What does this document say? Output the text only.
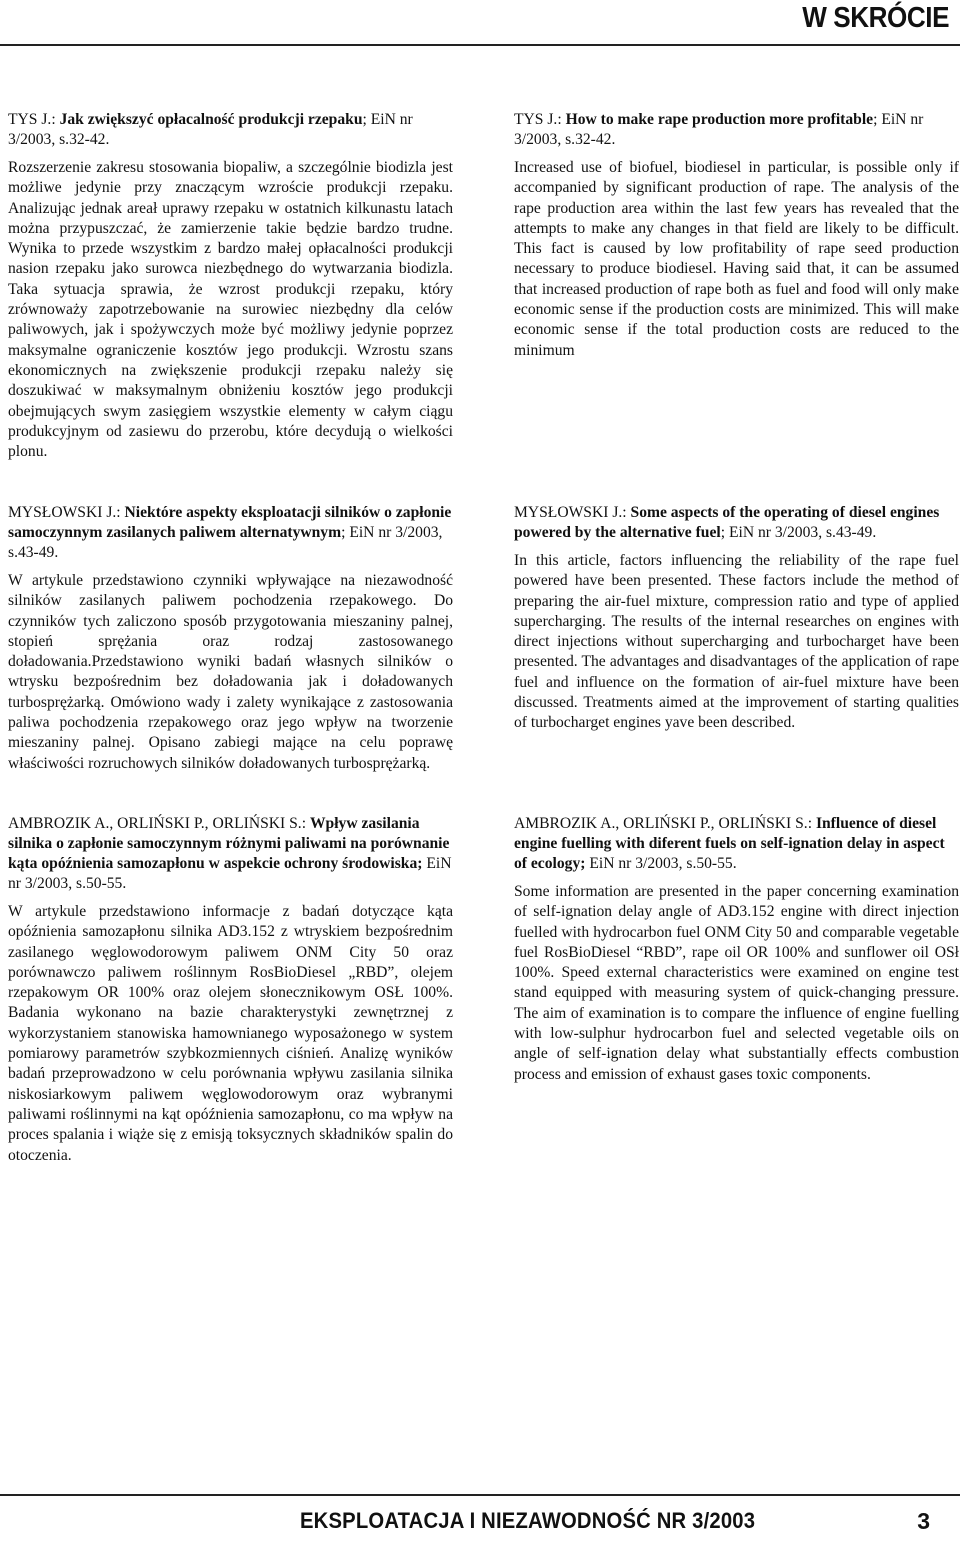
W SKRÓCIE

TYS J.: Jak zwiększyć opłacalność produkcji rzepaku; EiN nr 3/2003, s.32-42.

Rozszerzenie zakresu stosowania biopaliw, a szczególnie biodizla jest możliwe jedynie przy znaczącym wzroście produkcji rzepaku. Analizując jednak areał uprawy rzepaku w ostatnich kilkunastu latach można przypuszczać, że zamierzenie takie będzie bardzo trudne. Wynika to przede wszystkim z bardzo małej opłacalności produkcji nasion rzepaku jako surowca niezbędnego do wytwarzania biodizla. Taka sytuacja sprawia, że wzrost produkcji rzepaku, który zrównoważy zapotrzebowanie na surowiec niezbędny dla celów paliwowych, jak i spożywczych może być możliwy jedynie poprzez maksymalne ograniczenie kosztów jego produkcji. Wzrostu szans ekonomicznych na zwiększenie produkcji rzepaku należy się doszukiwać w maksymalnym obniżeniu kosztów jego produkcji obejmujących swym zasięgiem wszystkie elementy w całym ciągu produkcyjnym od zasiewu do przerobu, które decydują o wielkości plonu.

MYSŁOWSKI J.: Niektóre aspekty eksploatacji silników o zapłonie samoczynnym zasilanych paliwem alternatywnym; EiN nr 3/2003, s.43-49.

W artykule przedstawiono czynniki wpływające na niezawodność silników zasilanych paliwem pochodzenia rzepakowego. Do czynników tych zaliczono sposób przygotowania mieszaniny palnej, stopień sprężania oraz rodzaj zastosowanego doładowania.Przedstawiono wyniki badań własnych silników o wtrysku bezpośrednim bez doładowania jak i doładowanych turbosprężarką. Omówiono wady i zalety wynikające z zastosowania paliwa pochodzenia rzepakowego oraz jego wpływ na tworzenie mieszaniny palnej. Opisano zabiegi mające na celu poprawę właściwości rozruchowych silników doładowanych turbosprężarką.

AMBROZIK A., ORLIŃSKI P., ORLIŃSKI S.: Wpływ zasilania silnika o zapłonie samoczynnym różnymi paliwami na porównanie kąta opóźnienia samozapłonu w aspekcie ochrony środowiska; EiN nr 3/2003, s.50-55.

W artykule przedstawiono informacje z badań dotyczące kąta opóźnienia samozapłonu silnika AD3.152 z wtryskiem bezpośrednim zasilanego węglowodorowym paliwem ONM City 50 oraz porównawczo paliwem roślinnym RosBioDiesel „RBD”, olejem rzepakowym OR 100% oraz olejem słonecznikowym OSŁ 100%. Badania wykonano na bazie charakterystyki zewnętrznej z wykorzystaniem stanowiska hamownianego wyposażonego w system pomiarowy parametrów szybkozmiennych ciśnień. Analizę wyników badań przeprowadzono w celu porównania wpływu zasilania silnika niskosiarkowym paliwem węglowodorowym oraz wybranymi paliwami roślinnymi na kąt opóźnienia samozapłonu, co ma wpływ na proces spalania i wiąże się z emisją toksycznych składników spalin do otoczenia.

TYS J.: How to make rape production more profitable; EiN nr 3/2003, s.32-42.

Increased use of biofuel, biodiesel in particular, is possible only if accompanied by significant production of rape. The analysis of the rape production area within the last few years has revealed that the attempts to make any changes in that field are likely to be difficult. This fact is caused by low profitability of rape seed production necessary to produce biodiesel. Having said that, it can be assumed that increased production of rape both as fuel and food will only make economic sense if the production costs are minimized. This will make economic sense if the total production costs are reduced to the minimum

MYSŁOWSKI J.: Some aspects of the operating of diesel engines powered by the alternative fuel; EiN nr 3/2003, s.43-49.

In this article, factors influencing the reliability of the rape fuel powered have been presented. These factors include the method of preparing the air-fuel mixture, compression ratio and type of applied supercharging. The results of the internal researches on engines with direct injections without supercharging and turbocharget have been presented. The advantages and disadvantages of the application of rape fuel and influence on the formation of air-fuel mixture have been discussed. Treatments aimed at the improvement of starting qualities of turbocharget engines yave been described.

AMBROZIK A., ORLIŃSKI P., ORLIŃSKI S.: Influence of diesel engine fuelling with diferent fuels on self-ignation delay in aspect of ecology; EiN nr 3/2003, s.50-55.

Some information are presented in the paper concerning examination of self-ignation delay angle of AD3.152 engine with direct injection fuelled with hydrocarbon fuel ONM City 50 and comparable vegetable fuel RosBioDiesel “RBD”, rape oil OR 100% and sunflower oil OSł 100%. Speed external characteristics were examined on engine test stand equipped with measuring system of quick-changing pressure. The aim of examination is to compare the influence of engine fuelling with low-sulphur hydrocarbon fuel and selected vegetable oils on angle of self-ignation delay what substantially effects combustion process and emission of exhaust gases toxic components.

EKSPLOATACJA I NIEZAWODNOŚĆ NR 3/2003	3
